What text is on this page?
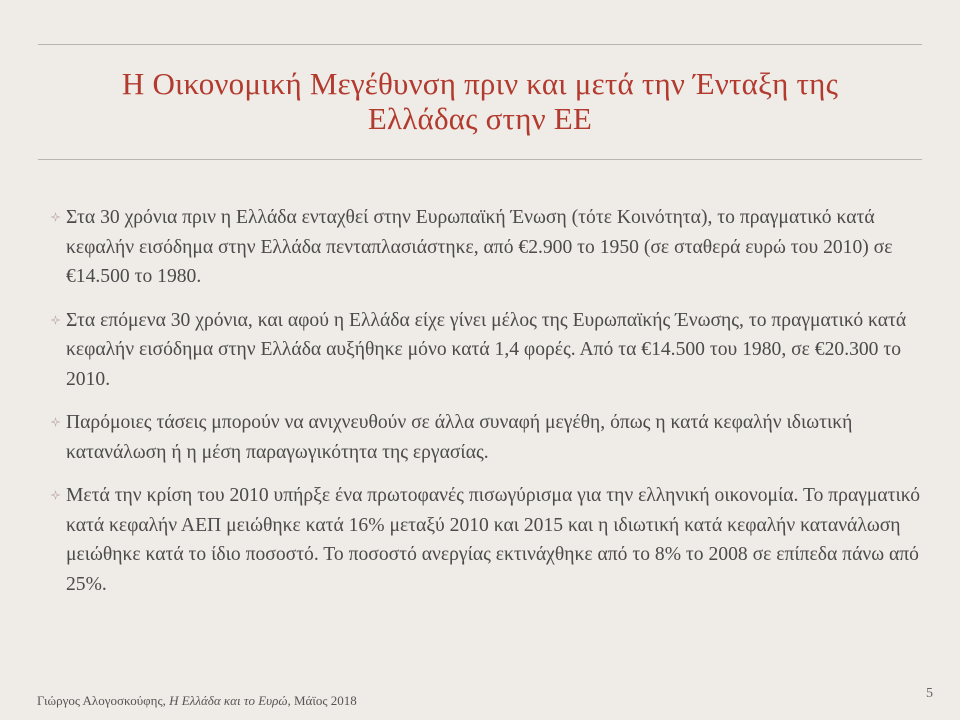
Η Οικονομική Μεγέθυνση πριν και μετά την Ένταξη της
Ελλάδας στην ΕΕ
Στα 30 χρόνια πριν η Ελλάδα ενταχθεί στην Ευρωπαϊκή Ένωση (τότε Κοινότητα), το πραγματικό κατά κεφαλήν εισόδημα στην Ελλάδα πενταπλασιάστηκε, από €2.900 το 1950 (σε σταθερά ευρώ του 2010) σε €14.500 το 1980.
Στα επόμενα 30 χρόνια, και αφού η Ελλάδα είχε γίνει μέλος της Ευρωπαϊκής Ένωσης, το πραγματικό κατά κεφαλήν εισόδημα στην Ελλάδα αυξήθηκε μόνο κατά 1,4 φορές. Από τα €14.500 του 1980, σε €20.300 το 2010.
Παρόμοιες τάσεις μπορούν να ανιχνευθούν σε άλλα συναφή μεγέθη, όπως η κατά κεφαλήν ιδιωτική κατανάλωση ή η μέση παραγωγικότητα της εργασίας.
Μετά την κρίση του 2010 υπήρξε ένα πρωτοφανές πισωγύρισμα για την ελληνική οικονομία. Το πραγματικό κατά κεφαλήν ΑΕΠ μειώθηκε κατά 16% μεταξύ 2010 και 2015 και η ιδιωτική κατά κεφαλήν κατανάλωση μειώθηκε κατά το ίδιο ποσοστό. Το ποσοστό ανεργίας εκτινάχθηκε από το 8% το 2008 σε επίπεδα πάνω από 25%.
Γιώργος Αλογοσκούφης, Η Ελλάδα και το Ευρώ, Μάϊος 2018	5
